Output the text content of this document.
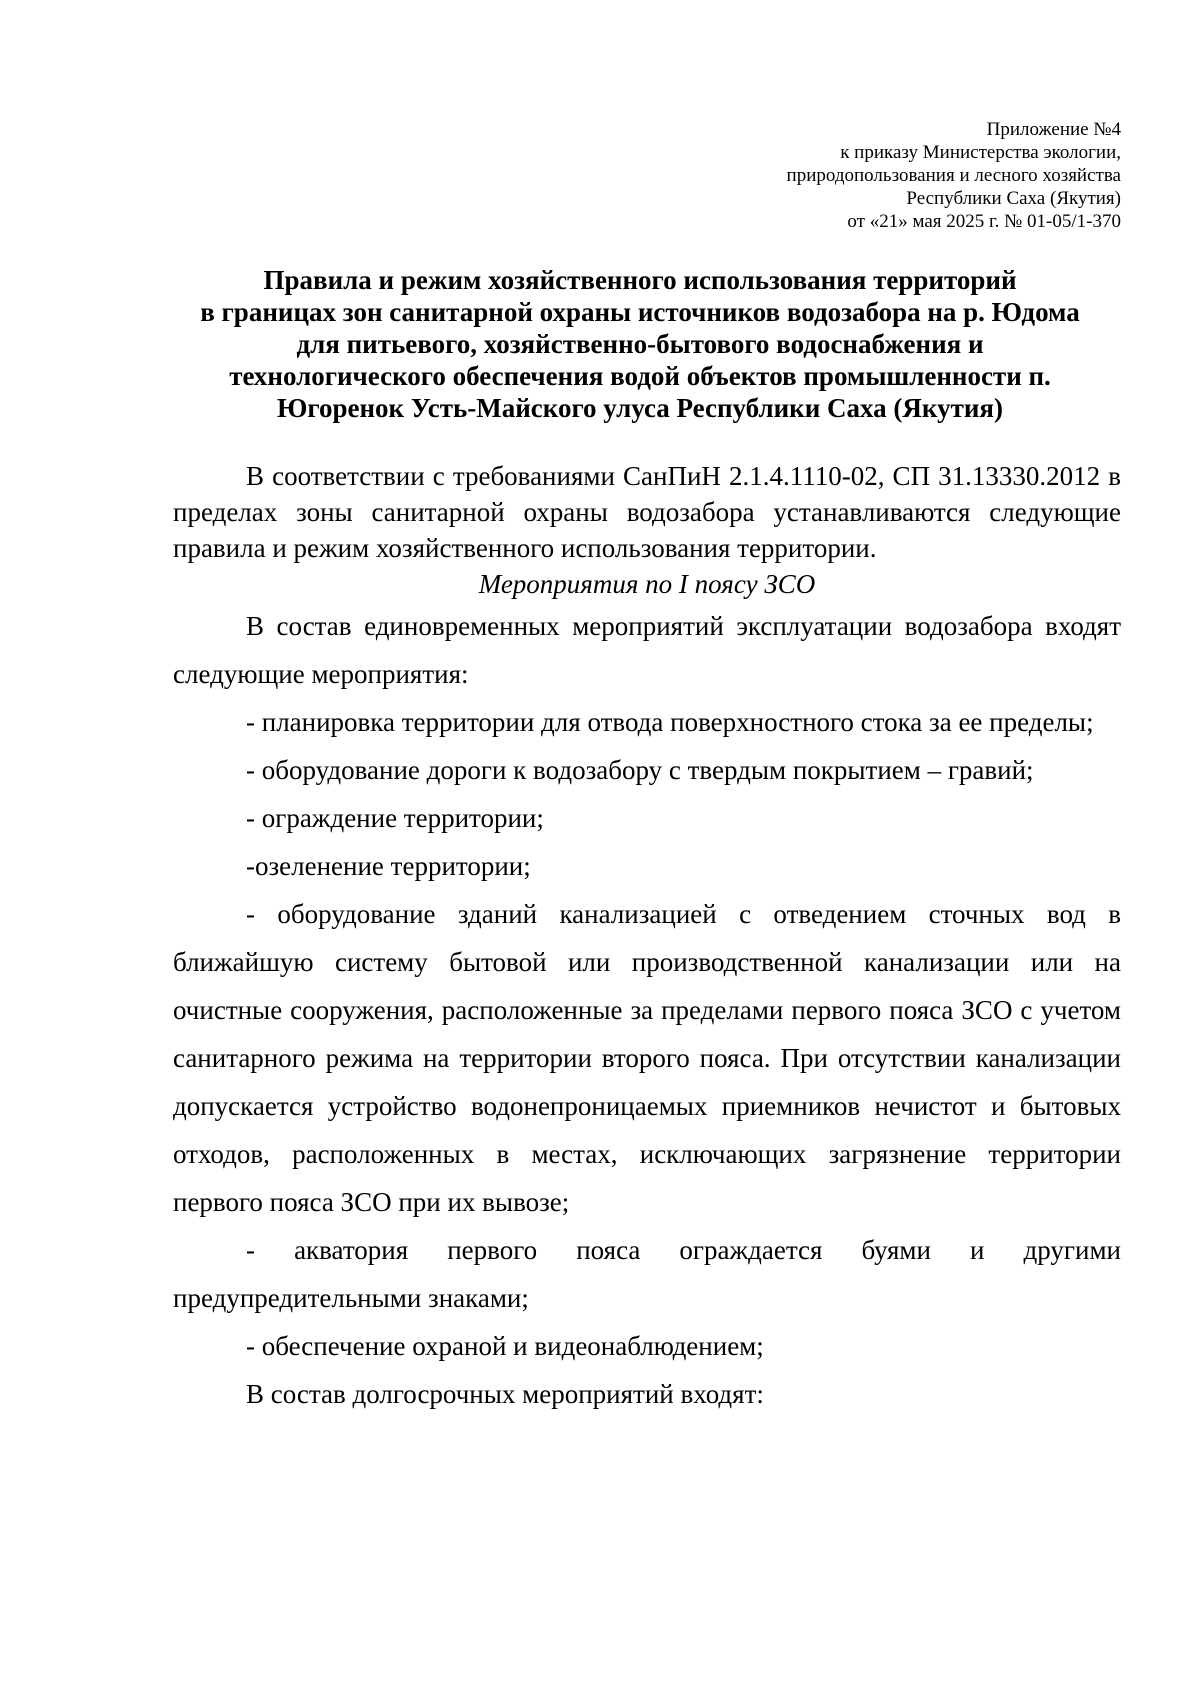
Приложение №4
к приказу Министерства экологии,
природопользования и лесного хозяйства
Республики Саха (Якутия)
от «21» мая 2025 г. № 01-05/1-370
Правила и режим хозяйственного использования территорий
в границах зон санитарной охраны источников водозабора на р. Юдома
для питьевого, хозяйственно-бытового водоснабжения и
технологического обеспечения водой объектов промышленности п.
Югоренок Усть-Майского улуса Республики Саха (Якутия)

В соответствии с требованиями СанПиН 2.1.4.1110-02, СП 31.13330.2012 в пределах зоны санитарной охраны водозабора устанавливаются следующие правила и режим хозяйственного использования территории.

Мероприятия по I поясу ЗСО

В состав единовременных мероприятий эксплуатации водозабора входят следующие мероприятия:

- планировка территории для отвода поверхностного стока за ее пределы;

- оборудование дороги к водозабору с твердым покрытием – гравий;

- ограждение территории;

-озеленение территории;

- оборудование зданий канализацией с отведением сточных вод в ближайшую систему бытовой или производственной канализации или на очистные сооружения, расположенные за пределами первого пояса ЗСО с учетом санитарного режима на территории второго пояса. При отсутствии канализации допускается устройство водонепроницаемых приемников нечистот и бытовых отходов, расположенных в местах, исключающих загрязнение территории первого пояса ЗСО при их вывозе;

- акватория первого пояса ограждается буями и другими предупредительными знаками;

- обеспечение охраной и видеонаблюдением;

В состав долгосрочных мероприятий входят:
